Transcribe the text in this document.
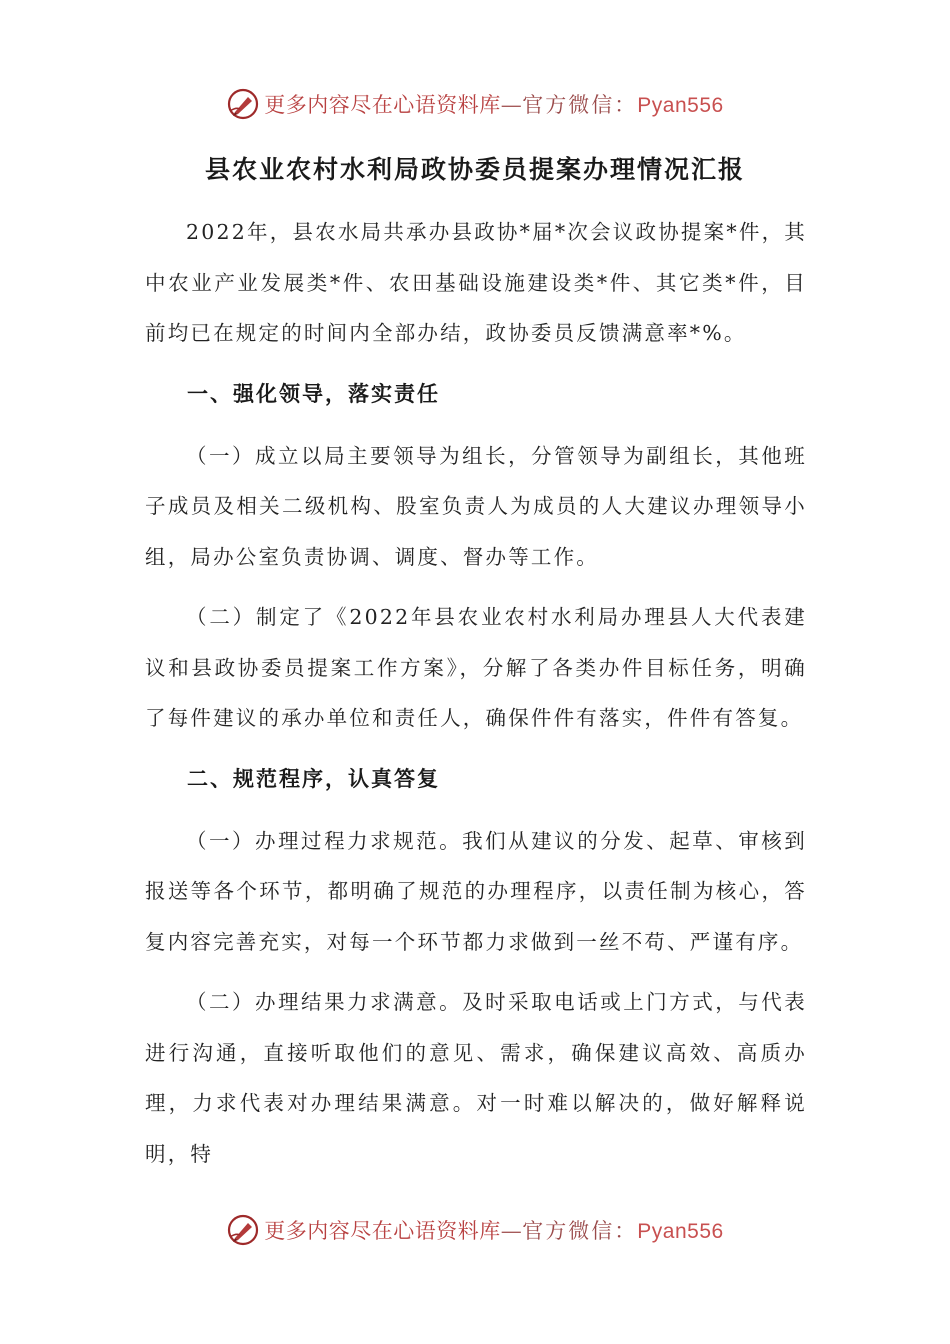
更多内容尽在心语资料库—官方微信：Pyan556
县农业农村水利局政协委员提案办理情况汇报

2022年，县农水局共承办县政协*届*次会议政协提案*件，其中农业产业发展类*件、农田基础设施建设类*件、其它类*件，目前均已在规定的时间内全部办结，政协委员反馈满意率*%。

一、强化领导，落实责任

（一）成立以局主要领导为组长，分管领导为副组长，其他班子成员及相关二级机构、股室负责人为成员的人大建议办理领导小组，局办公室负责协调、调度、督办等工作。

（二）制定了《2022年县农业农村水利局办理县人大代表建议和县政协委员提案工作方案》，分解了各类办件目标任务，明确了每件建议的承办单位和责任人，确保件件有落实，件件有答复。

二、规范程序，认真答复

（一）办理过程力求规范。我们从建议的分发、起草、审核到报送等各个环节，都明确了规范的办理程序，以责任制为核心，答复内容完善充实，对每一个环节都力求做到一丝不苟、严谨有序。

（二）办理结果力求满意。及时采取电话或上门方式，与代表进行沟通，直接听取他们的意见、需求，确保建议高效、高质办理，力求代表对办理结果满意。对一时难以解决的，做好解释说明，特

更多内容尽在心语资料库—官方微信：Pyan556
